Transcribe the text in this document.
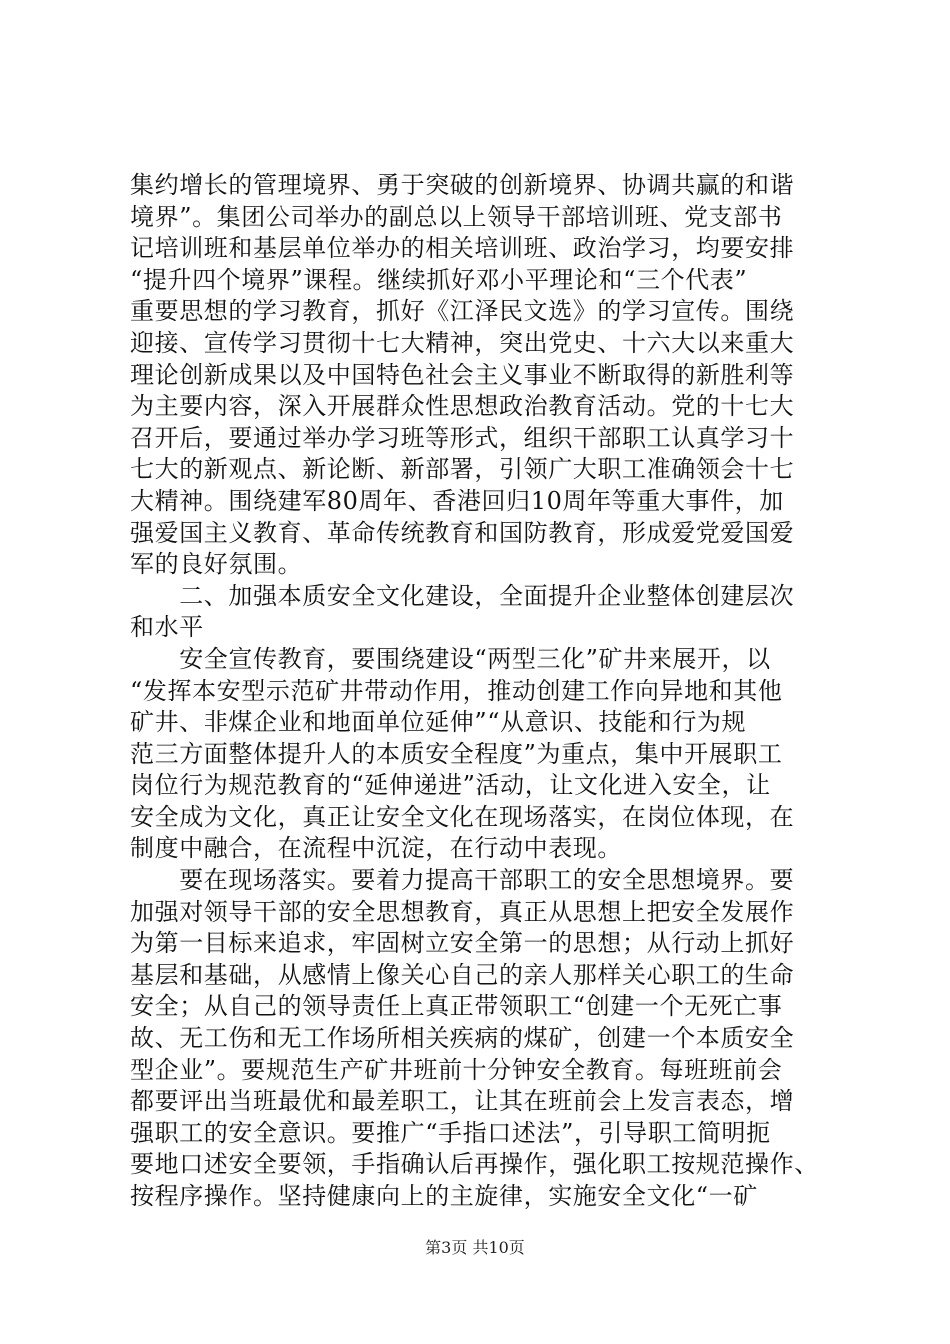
集约增长的管理境界、勇于突破的创新境界、协调共赢的和谐
境界”。集团公司举办的副总以上领导干部培训班、党支部书
记培训班和基层单位举办的相关培训班、政治学习，均要安排
“提升四个境界”课程。继续抓好邓小平理论和“三个代表”
重要思想的学习教育，抓好《江泽民文选》的学习宣传。围绕
迎接、宣传学习贯彻十七大精神，突出党史、十六大以来重大
理论创新成果以及中国特色社会主义事业不断取得的新胜利等
为主要内容，深入开展群众性思想政治教育活动。党的十七大
召开后，要通过举办学习班等形式，组织干部职工认真学习十
七大的新观点、新论断、新部署，引领广大职工准确领会十七
大精神。围绕建军80周年、香港回归10周年等重大事件，加
强爱国主义教育、革命传统教育和国防教育，形成爱党爱国爱
军的良好氛围。
　　二、加强本质安全文化建设，全面提升企业整体创建层次
和水平
　　安全宣传教育，要围绕建设“两型三化”矿井来展开，以
“发挥本安型示范矿井带动作用，推动创建工作向异地和其他
矿井、非煤企业和地面单位延伸”“从意识、技能和行为规
范三方面整体提升人的本质安全程度”为重点，集中开展职工
岗位行为规范教育的“延伸递进”活动，让文化进入安全，让
安全成为文化，真正让安全文化在现场落实，在岗位体现，在
制度中融合，在流程中沉淀，在行动中表现。
　　要在现场落实。要着力提高干部职工的安全思想境界。要
加强对领导干部的安全思想教育，真正从思想上把安全发展作
为第一目标来追求，牢固树立安全第一的思想；从行动上抓好
基层和基础，从感情上像关心自己的亲人那样关心职工的生命
安全；从自己的领导责任上真正带领职工“创建一个无死亡事
故、无工伤和无工作场所相关疾病的煤矿，创建一个本质安全
型企业”。要规范生产矿井班前十分钟安全教育。每班班前会
都要评出当班最优和最差职工，让其在班前会上发言表态，增
强职工的安全意识。要推广“手指口述法”，引导职工简明扼
要地口述安全要领，手指确认后再操作，强化职工按规范操作、
按程序操作。坚持健康向上的主旋律，实施安全文化“一矿
第3页 共10页
